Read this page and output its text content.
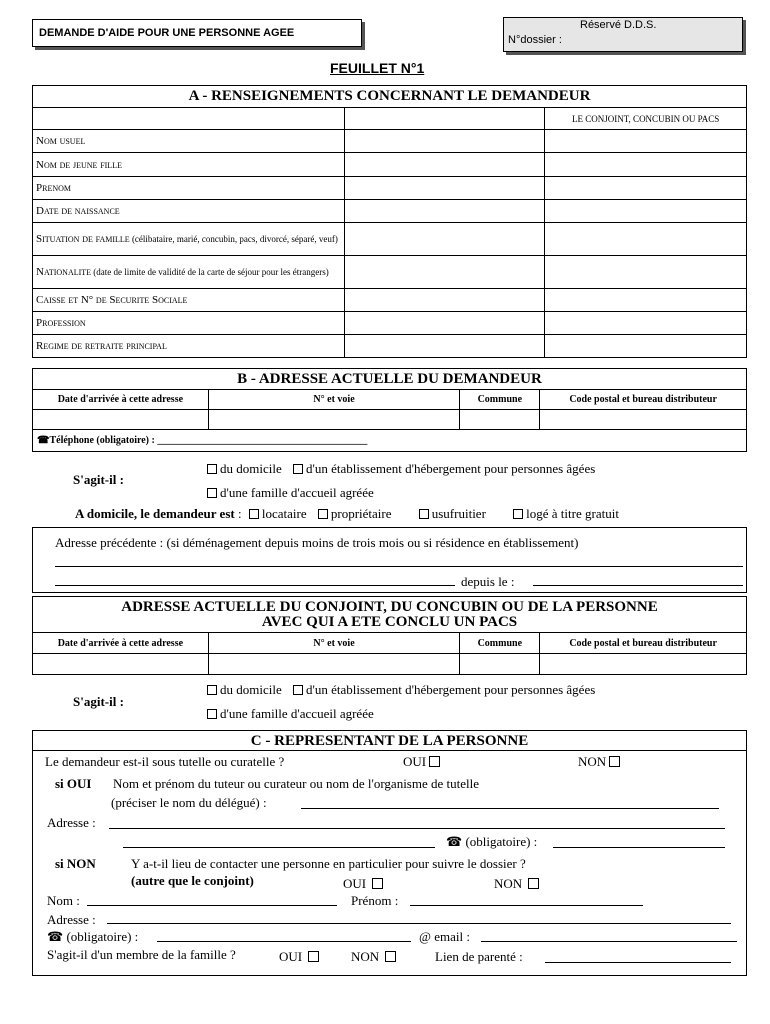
DEMANDE D'AIDE POUR UNE PERSONNE AGEE
Réservé D.D.S.
N°dossier :
FEUILLET N°1
A - RENSEIGNEMENTS CONCERNANT LE DEMANDEUR		
		LE CONJOINT, CONCUBIN OU PACS
Nom usuel		
Nom de jeune fille		
Prenom		
Date de naissance		
Situation de famille (célibataire, marié, concubin, pacs, divorcé, séparé, veuf)		
Nationalite (date de limite de validité de la carte de séjour pour les étrangers)		
Caisse et N° de Securite Sociale		
Profession		
Regime de retraite principal		
B - ADRESSE ACTUELLE DU DEMANDEUR			
Date d'arrivée à cette adresse	N° et voie	Commune	Code postal et bureau distributeur

☎Téléphone (obligatoire) : __________________________________________			
S'agit-il :
du domicile d'un établissement d'hébergement pour personnes âgées
d'une famille d'accueil agréée
A domicile, le demandeur est : locataire propriétaire	usufruitier	logé à titre gratuit
Adresse précédente : (si déménagement depuis moins de trois mois ou si résidence en établissement)
depuis le :
ADRESSE ACTUELLE DU CONJOINT, DU CONCUBIN OU DE LA PERSONNE
AVEC QUI A ETE CONCLU UN PACS			

Date d'arrivée à cette adresse	N° et voie	Commune	Code postal et bureau distributeur

S'agit-il :
du domicile d'un établissement d'hébergement pour personnes âgées
d'une famille d'accueil agréée
C - REPRESENTANT DE LA PERSONNE
Le demandeur est-il sous tutelle ou curatelle ?	OUI	NON
si OUI Nom et prénom du tuteur ou curateur ou nom de l'organisme de tutelle
(préciser le nom du délégué) :
Adresse :
☎ (obligatoire) :
si NON	Y a-t-il lieu de contacter une personne en particulier pour suivre le dossier ?
(autre que le conjoint)	OUI	NON
Nom :	Prénom :
Adresse :
☎ (obligatoire) :	@ email :
S'agit-il d'un membre de la famille ?	OUI	NON	Lien de parenté :
